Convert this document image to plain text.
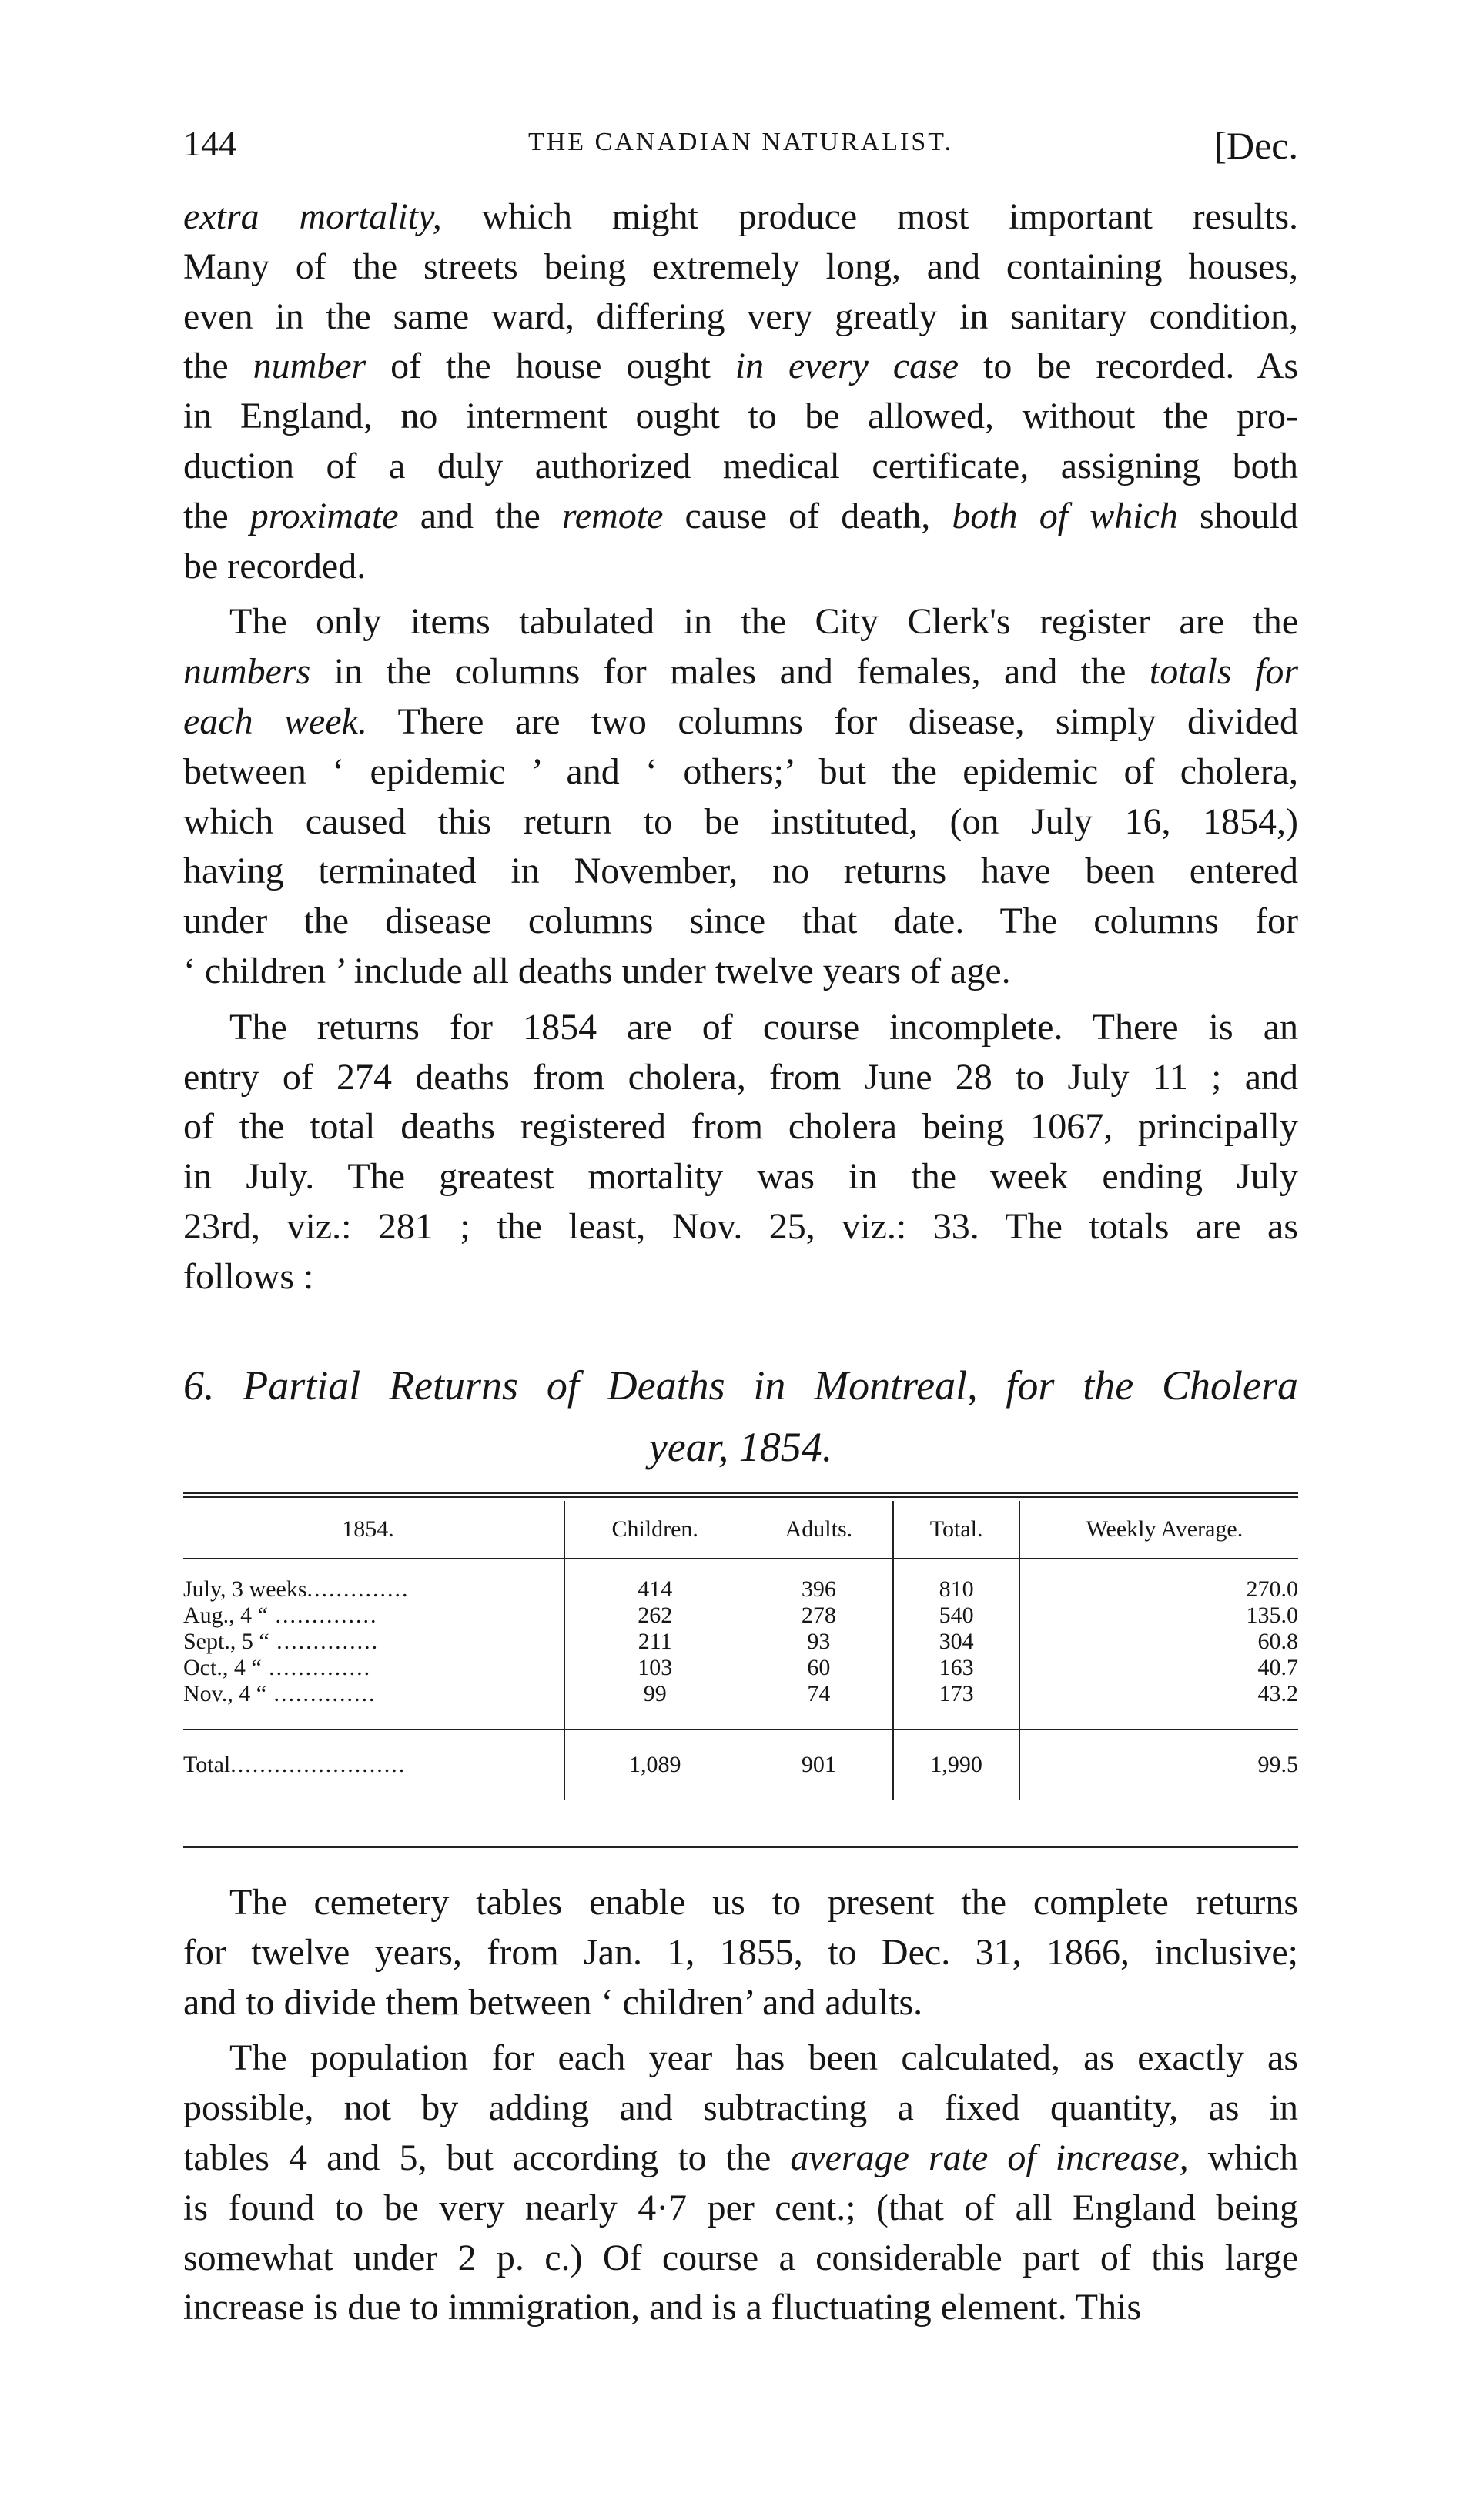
144	THE CANADIAN NATURALIST.	[Dec.
extra mortality, which might produce most important results.
Many of the streets being extremely long, and containing houses,
even in the same ward, differing very greatly in sanitary condition,
the number of the house ought in every case to be recorded. As
in England, no interment ought to be allowed, without the pro-
duction of a duly authorized medical certificate, assigning both
the proximate and the remote cause of death, both of which should
be recorded.
The only items tabulated in the City Clerk's register are the
numbers in the columns for males and females, and the totals for
each week. There are two columns for disease, simply divided
between ‘ epidemic ’ and ‘ others;’ but the epidemic of cholera,
which caused this return to be instituted, (on July 16, 1854,)
having terminated in November, no returns have been entered
under the disease columns since that date. The columns for
‘ children ’ include all deaths under twelve years of age.
The returns for 1854 are of course incomplete. There is an
entry of 274 deaths from cholera, from June 28 to July 11 ; and
of the total deaths registered from cholera being 1067, principally
in July. The greatest mortality was in the week ending July
23rd, viz.: 281 ; the least, Nov. 25, viz.: 33. The totals are as
follows :
6. Partial Returns of Deaths in Montreal, for the Cholera
year, 1854.
1854.	Children.	Adults.	Total.	Weekly Average.
July, 3 weeks..............	414	396	810	270.0
Aug., 4 “ ..............	262	278	540	135.0
Sept., 5 “ ..............	211	93	304	60.8
Oct., 4 “ ..............	103	60	163	40.7
Nov., 4 “ ..............	99	74	173	43.2
Total........................	1,089	901	1,990	99.5
The cemetery tables enable us to present the complete returns
for twelve years, from Jan. 1, 1855, to Dec. 31, 1866, inclusive;
and to divide them between ‘ children’ and adults.
The population for each year has been calculated, as exactly as
possible, not by adding and subtracting a fixed quantity, as in
tables 4 and 5, but according to the average rate of increase, which
is found to be very nearly 4·7 per cent.; (that of all England being
somewhat under 2 p. c.) Of course a considerable part of this large
increase is due to immigration, and is a fluctuating element. This
